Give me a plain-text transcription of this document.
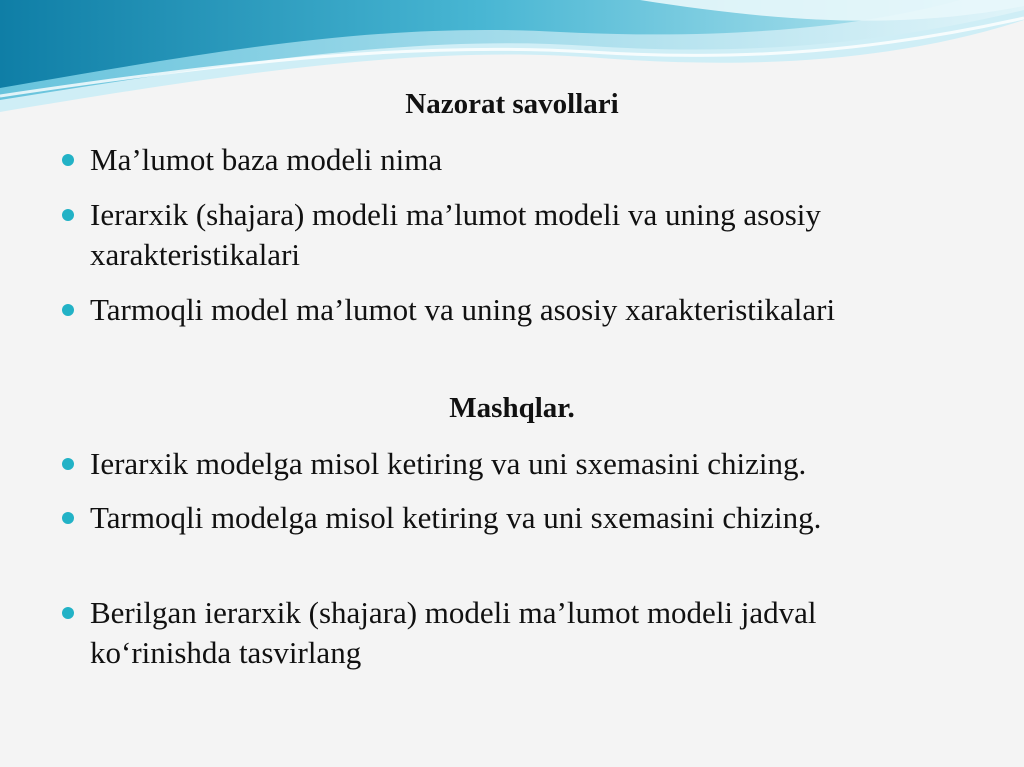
Nazorat savollari

Ma’lumot baza modeli nima

Ierarxik (shajara) modeli ma’lumot modeli va uning asosiy xarakteristikalari

Tarmoqli model ma’lumot va uning asosiy xarakteristikalari

Mashqlar.

Ierarxik modelga misol ketiring va uni sxemasini chizing.

Tarmoqli modelga misol ketiring va uni sxemasini chizing.

Berilgan ierarxik (shajara) modeli ma’lumot modeli jadval ko‘rinishda tasvirlang
